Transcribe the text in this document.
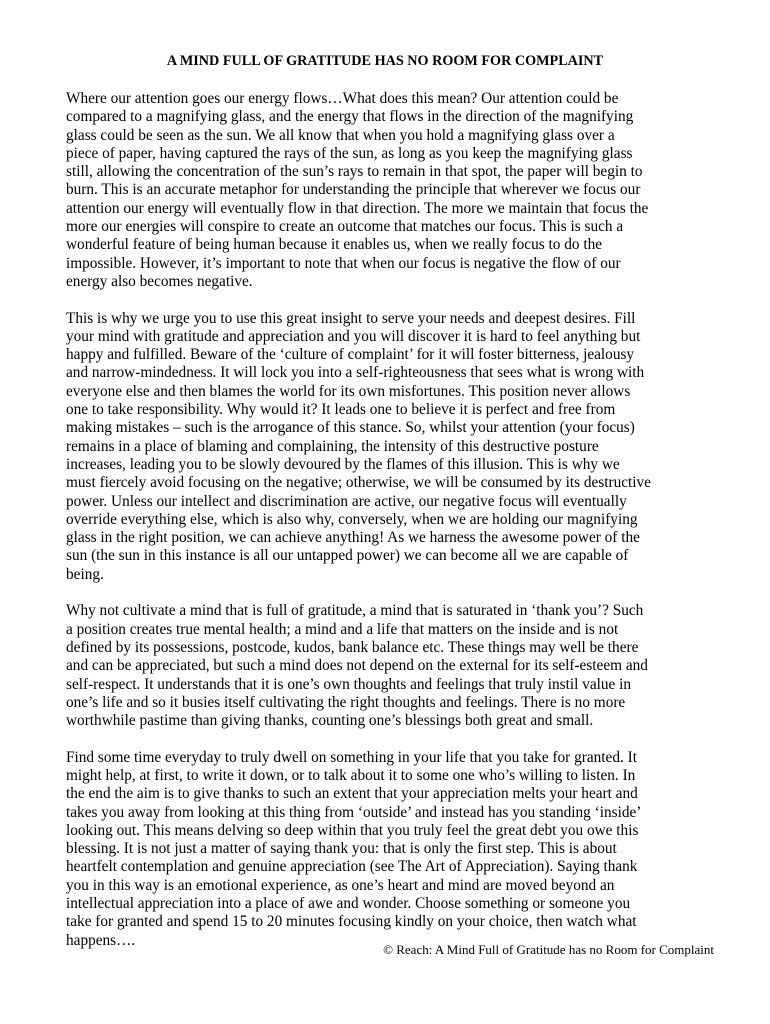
A MIND FULL OF GRATITUDE HAS NO ROOM FOR COMPLAINT

Where our attention goes our energy flows…What does this mean? Our attention could be
compared to a magnifying glass, and the energy that flows in the direction of the magnifying
glass could be seen as the sun. We all know that when you hold a magnifying glass over a
piece of paper, having captured the rays of the sun, as long as you keep the magnifying glass
still, allowing the concentration of the sun’s rays to remain in that spot, the paper will begin to
burn. This is an accurate metaphor for understanding the principle that wherever we focus our
attention our energy will eventually flow in that direction. The more we maintain that focus the
more our energies will conspire to create an outcome that matches our focus. This is such a
wonderful feature of being human because it enables us, when we really focus to do the
impossible. However, it’s important to note that when our focus is negative the flow of our
energy also becomes negative.

This is why we urge you to use this great insight to serve your needs and deepest desires. Fill
your mind with gratitude and appreciation and you will discover it is hard to feel anything but
happy and fulfilled. Beware of the ‘culture of complaint’ for it will foster bitterness, jealousy
and narrow-mindedness. It will lock you into a self-righteousness that sees what is wrong with
everyone else and then blames the world for its own misfortunes. This position never allows
one to take responsibility. Why would it? It leads one to believe it is perfect and free from
making mistakes – such is the arrogance of this stance. So, whilst your attention (your focus)
remains in a place of blaming and complaining, the intensity of this destructive posture
increases, leading you to be slowly devoured by the flames of this illusion. This is why we
must fiercely avoid focusing on the negative; otherwise, we will be consumed by its destructive
power. Unless our intellect and discrimination are active, our negative focus will eventually
override everything else, which is also why, conversely, when we are holding our magnifying
glass in the right position, we can achieve anything! As we harness the awesome power of the
sun (the sun in this instance is all our untapped power) we can become all we are capable of
being.

Why not cultivate a mind that is full of gratitude, a mind that is saturated in ‘thank you’? Such
a position creates true mental health; a mind and a life that matters on the inside and is not
defined by its possessions, postcode, kudos, bank balance etc. These things may well be there
and can be appreciated, but such a mind does not depend on the external for its self-esteem and
self-respect. It understands that it is one’s own thoughts and feelings that truly instil value in
one’s life and so it busies itself cultivating the right thoughts and feelings. There is no more
worthwhile pastime than giving thanks, counting one’s blessings both great and small.

Find some time everyday to truly dwell on something in your life that you take for granted. It
might help, at first, to write it down, or to talk about it to some one who’s willing to listen. In
the end the aim is to give thanks to such an extent that your appreciation melts your heart and
takes you away from looking at this thing from ‘outside’ and instead has you standing ‘inside’
looking out. This means delving so deep within that you truly feel the great debt you owe this
blessing. It is not just a matter of saying thank you: that is only the first step. This is about
heartfelt contemplation and genuine appreciation (see The Art of Appreciation). Saying thank
you in this way is an emotional experience, as one’s heart and mind are moved beyond an
intellectual appreciation into a place of awe and wonder. Choose something or someone you
take for granted and spend 15 to 20 minutes focusing kindly on your choice, then watch what
happens….

© Reach: A Mind Full of Gratitude has no Room for Complaint
